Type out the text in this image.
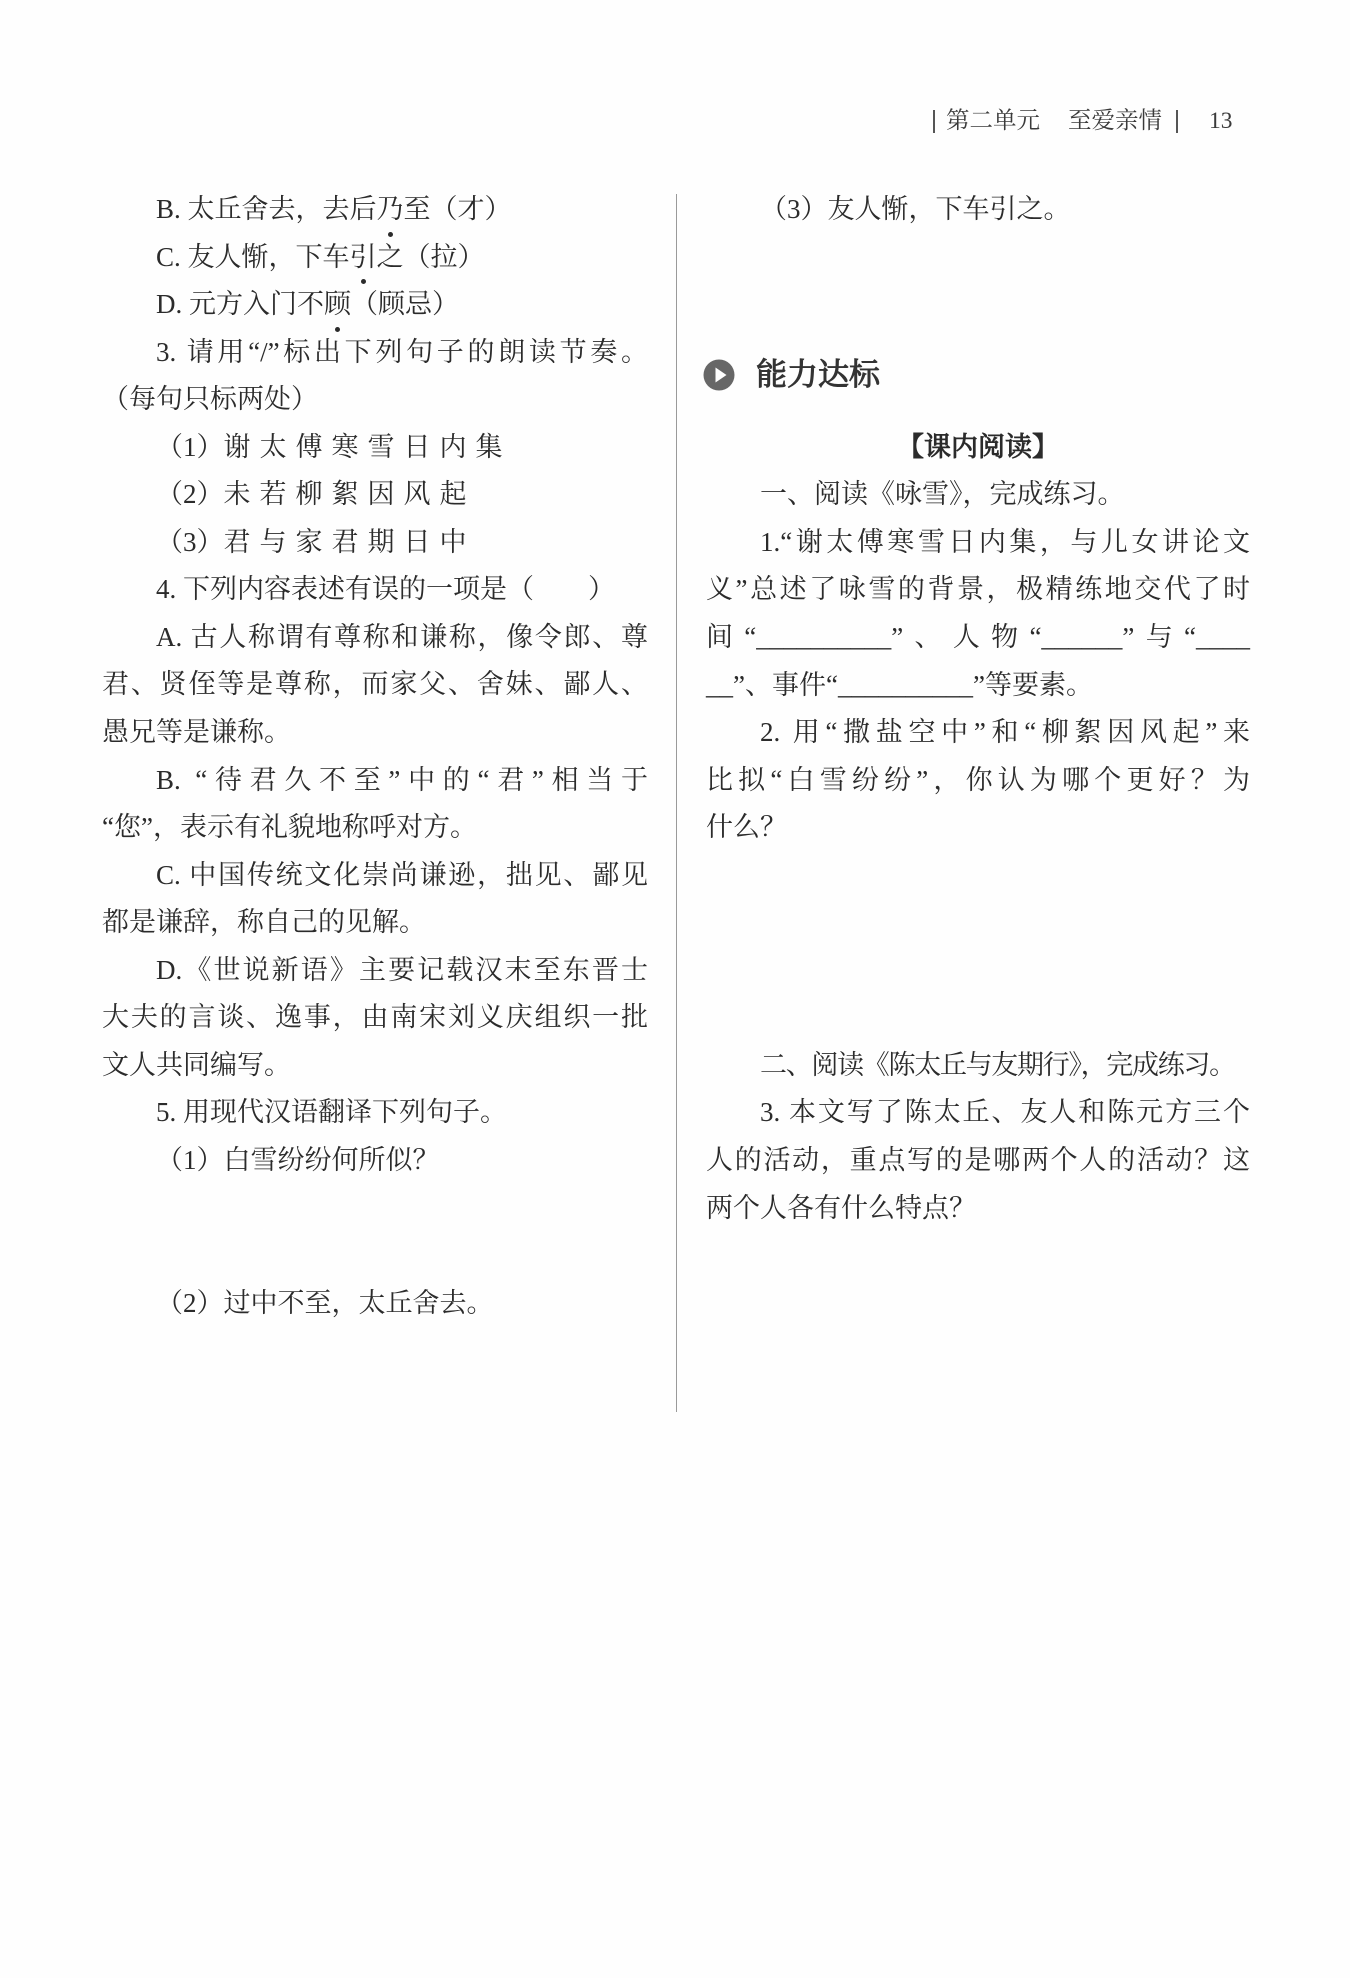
第二单元 至爱亲情 13
B. 太丘舍去，去后乃至（才）
C. 友人惭，下车引之（拉）
D. 元方入门不顾（顾忌）
3. 请用“/”标出下列句子的朗读节奏。
（每句只标两处）
（1）谢太傅寒雪日内集
（2）未若柳絮因风起
（3）君与家君期日中
4. 下列内容表述有误的一项是（　　）
A. 古人称谓有尊称和谦称，像令郎、尊
君、贤侄等是尊称，而家父、舍妹、鄙人、
愚兄等是谦称。
B. “待君久不至”中的“君”相当于
“您”，表示有礼貌地称呼对方。
C. 中国传统文化崇尚谦逊，拙见、鄙见
都是谦辞，称自己的见解。
D.《世说新语》主要记载汉末至东晋士
大夫的言谈、逸事，由南宋刘义庆组织一批
文人共同编写。
5. 用现代汉语翻译下列句子。
（1）白雪纷纷何所似？
（2）过中不至，太丘舍去。
（3）友人惭，下车引之。
能力达标
【课内阅读】
一、阅读《咏雪》，完成练习。
1.“谢太傅寒雪日内集，与儿女讲论文
义”总述了咏雪的背景，极精练地交代了时
间“__________”、人物“______”与“____
__”、事件“__________”等要素。
2. 用“撒盐空中”和“柳絮因风起”来
比拟“白雪纷纷”，你认为哪个更好？为
什么？
二、阅读《陈太丘与友期行》，完成练习。
3. 本文写了陈太丘、友人和陈元方三个
人的活动，重点写的是哪两个人的活动？这
两个人各有什么特点？
